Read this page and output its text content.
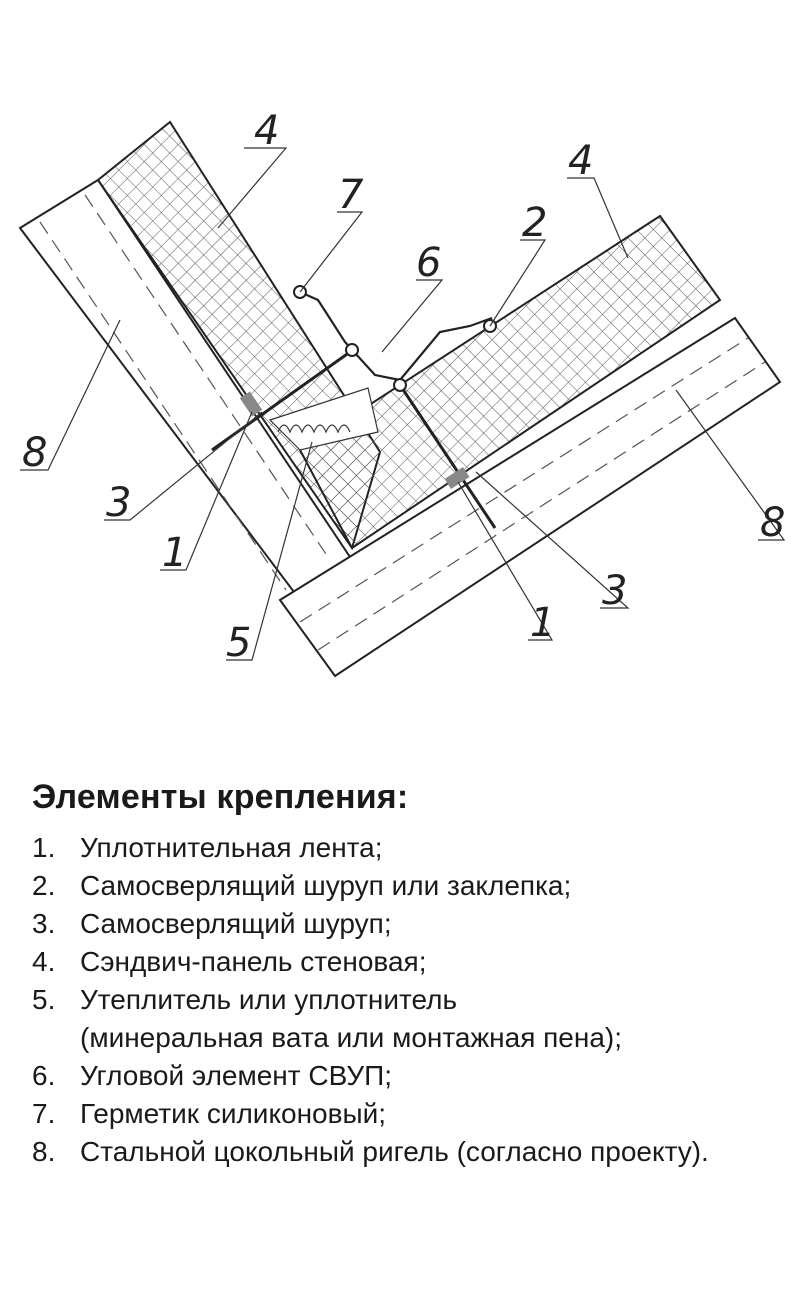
4
7
6
2
4
8
8
3
1
5	1
3
Элементы крепления:
1. Уплотнительная лента;
2. Самосверлящий шуруп или заклепка;
3. Самосверлящий шуруп;
4. Сэндвич-панель стеновая;
5. Утеплитель или уплотнитель
(минеральная вата или монтажная пена);
6. Угловой элемент СВУП;
7. Герметик силиконовый;
8. Стальной цокольный ригель (согласно проекту).
